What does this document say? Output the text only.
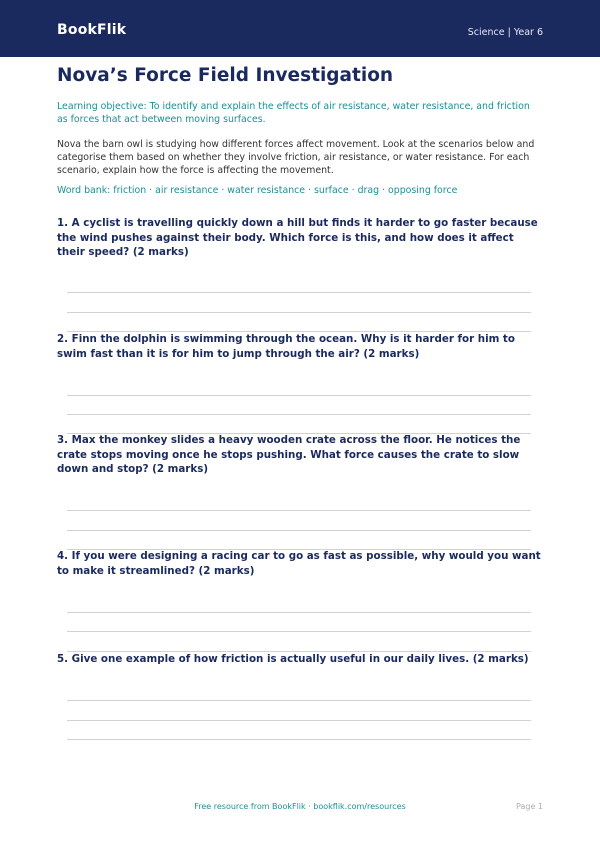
BookFlik	Science | Year 6
Nova’s Force Field Investigation
Learning objective: To identify and explain the effects of air resistance, water resistance, and friction as forces that act between moving surfaces.
Nova the barn owl is studying how different forces affect movement. Look at the scenarios below and categorise them based on whether they involve friction, air resistance, or water resistance. For each scenario, explain how the force is affecting the movement.
Word bank: friction · air resistance · water resistance · surface · drag · opposing force
1. A cyclist is travelling quickly down a hill but finds it harder to go faster because the wind pushes against their body. Which force is this, and how does it affect their speed? (2 marks)
2. Finn the dolphin is swimming through the ocean. Why is it harder for him to swim fast than it is for him to jump through the air? (2 marks)
3. Max the monkey slides a heavy wooden crate across the floor. He notices the crate stops moving once he stops pushing. What force causes the crate to slow down and stop? (2 marks)
4. If you were designing a racing car to go as fast as possible, why would you want to make it streamlined? (2 marks)
5. Give one example of how friction is actually useful in our daily lives. (2 marks)
Free resource from BookFlik · bookflik.com/resources	Page 1
